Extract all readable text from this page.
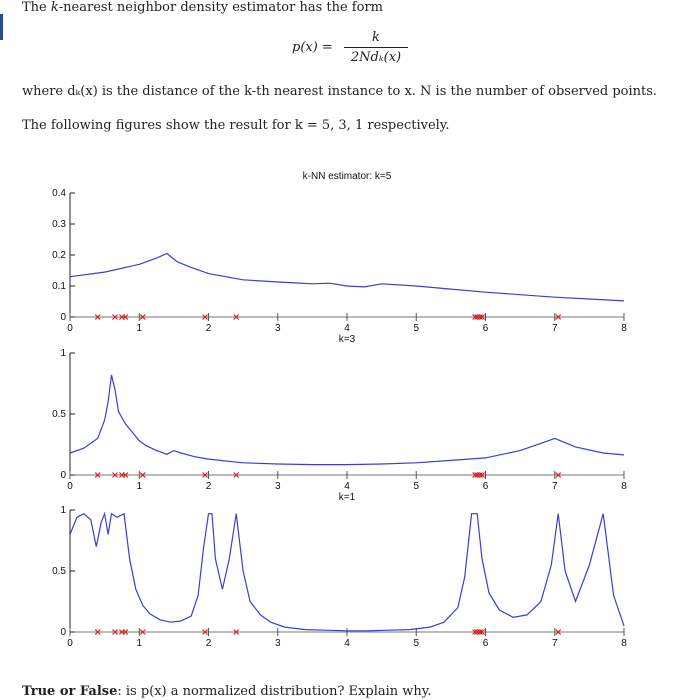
The k-nearest neighbor density estimator has the form

p(x) =
k
2Ndₖ(x)

where dₖ(x) is the distance of the k-th nearest instance to x. N is the number of observed points.

The following figures show the result for k = 5, 3, 1 respectively.

0
0.1
0.2
0.3
0.4
0	1	2	3	4	5	6	7	8
k-NN estimator: k=5
k=3
0
0.5
1
0	1	2	3	4	5	6	7	8
k=1
0
0.5
1
0	1	2	3	4	5	6	7	8

True or False: is p(x) a normalized distribution? Explain why.
